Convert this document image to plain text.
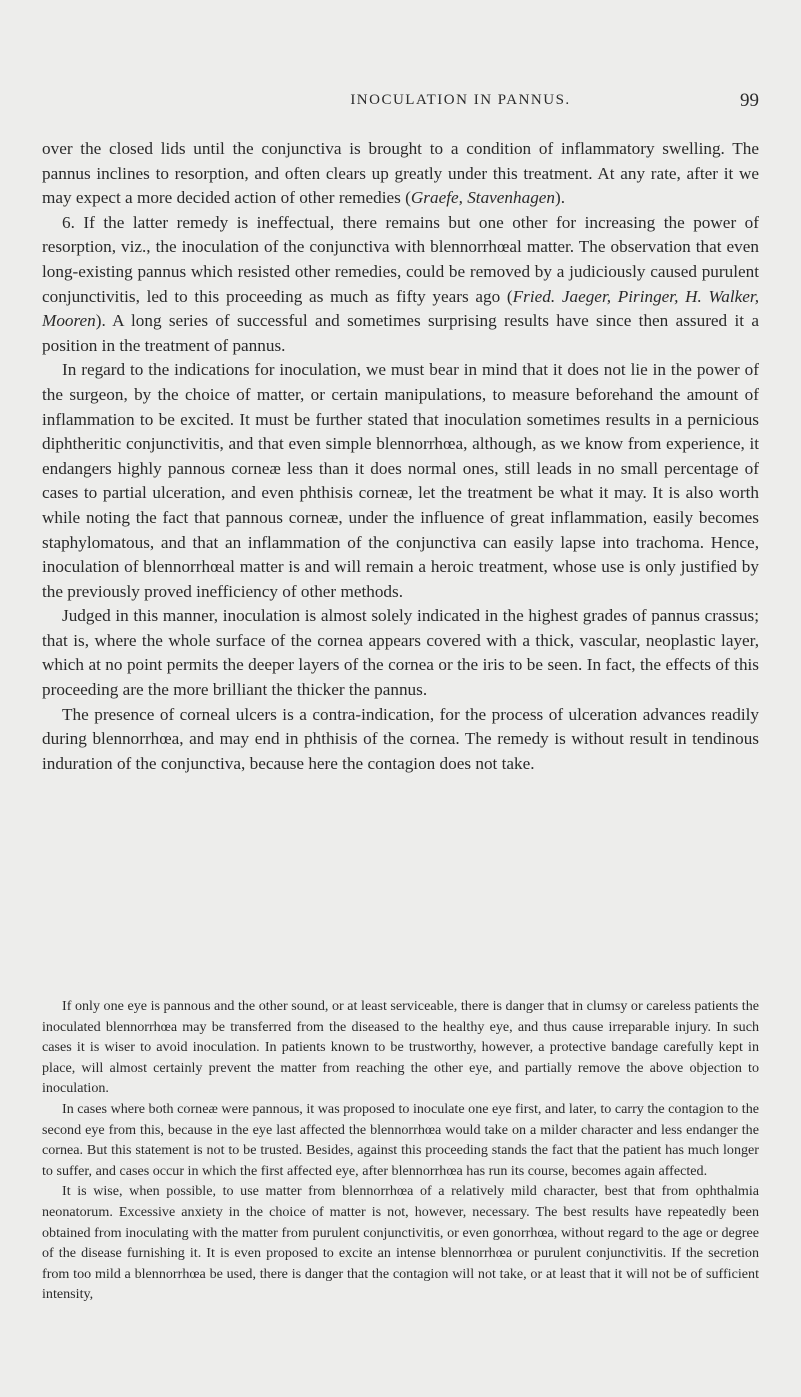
INOCULATION IN PANNUS.	99

over the closed lids until the conjunctiva is brought to a condition of inflammatory swelling. The pannus inclines to resorption, and often clears up greatly under this treatment. At any rate, after it we may expect a more decided action of other remedies (Graefe, Stavenhagen).

6. If the latter remedy is ineffectual, there remains but one other for increasing the power of resorption, viz., the inoculation of the conjunctiva with blennorrhœal matter. The observation that even long-existing pannus which resisted other remedies, could be removed by a judiciously caused purulent conjunctivitis, led to this proceeding as much as fifty years ago (Fried. Jaeger, Piringer, H. Walker, Mooren). A long series of successful and sometimes surprising results have since then assured it a position in the treatment of pannus.

In regard to the indications for inoculation, we must bear in mind that it does not lie in the power of the surgeon, by the choice of matter, or certain manipulations, to measure beforehand the amount of inflammation to be excited. It must be further stated that inoculation sometimes results in a pernicious diphtheritic conjunctivitis, and that even simple blennorrhœa, although, as we know from experience, it endangers highly pannous corneæ less than it does normal ones, still leads in no small percentage of cases to partial ulceration, and even phthisis corneæ, let the treatment be what it may. It is also worth while noting the fact that pannous corneæ, under the influence of great inflammation, easily becomes staphylomatous, and that an inflammation of the conjunctiva can easily lapse into trachoma. Hence, inoculation of blennorrhœal matter is and will remain a heroic treatment, whose use is only justified by the previously proved inefficiency of other methods.

Judged in this manner, inoculation is almost solely indicated in the highest grades of pannus crassus; that is, where the whole surface of the cornea appears covered with a thick, vascular, neoplastic layer, which at no point permits the deeper layers of the cornea or the iris to be seen. In fact, the effects of this proceeding are the more brilliant the thicker the pannus.

The presence of corneal ulcers is a contra-indication, for the process of ulceration advances readily during blennorrhœa, and may end in phthisis of the cornea. The remedy is without result in tendinous induration of the conjunctiva, because here the contagion does not take.

If only one eye is pannous and the other sound, or at least serviceable, there is danger that in clumsy or careless patients the inoculated blennorrhœa may be transferred from the diseased to the healthy eye, and thus cause irreparable injury. In such cases it is wiser to avoid inoculation. In patients known to be trustworthy, however, a protective bandage carefully kept in place, will almost certainly prevent the matter from reaching the other eye, and partially remove the above objection to inoculation.

In cases where both corneæ were pannous, it was proposed to inoculate one eye first, and later, to carry the contagion to the second eye from this, because in the eye last affected the blennorrhœa would take on a milder character and less endanger the cornea. But this statement is not to be trusted. Besides, against this proceeding stands the fact that the patient has much longer to suffer, and cases occur in which the first affected eye, after blennorrhœa has run its course, becomes again affected.

It is wise, when possible, to use matter from blennorrhœa of a relatively mild character, best that from ophthalmia neonatorum. Excessive anxiety in the choice of matter is not, however, necessary. The best results have repeatedly been obtained from inoculating with the matter from purulent conjunctivitis, or even gonorrhœa, without regard to the age or degree of the disease furnishing it. It is even proposed to excite an intense blennorrhœa or purulent conjunctivitis. If the secretion from too mild a blennorrhœa be used, there is danger that the contagion will not take, or at least that it will not be of sufficient intensity,
